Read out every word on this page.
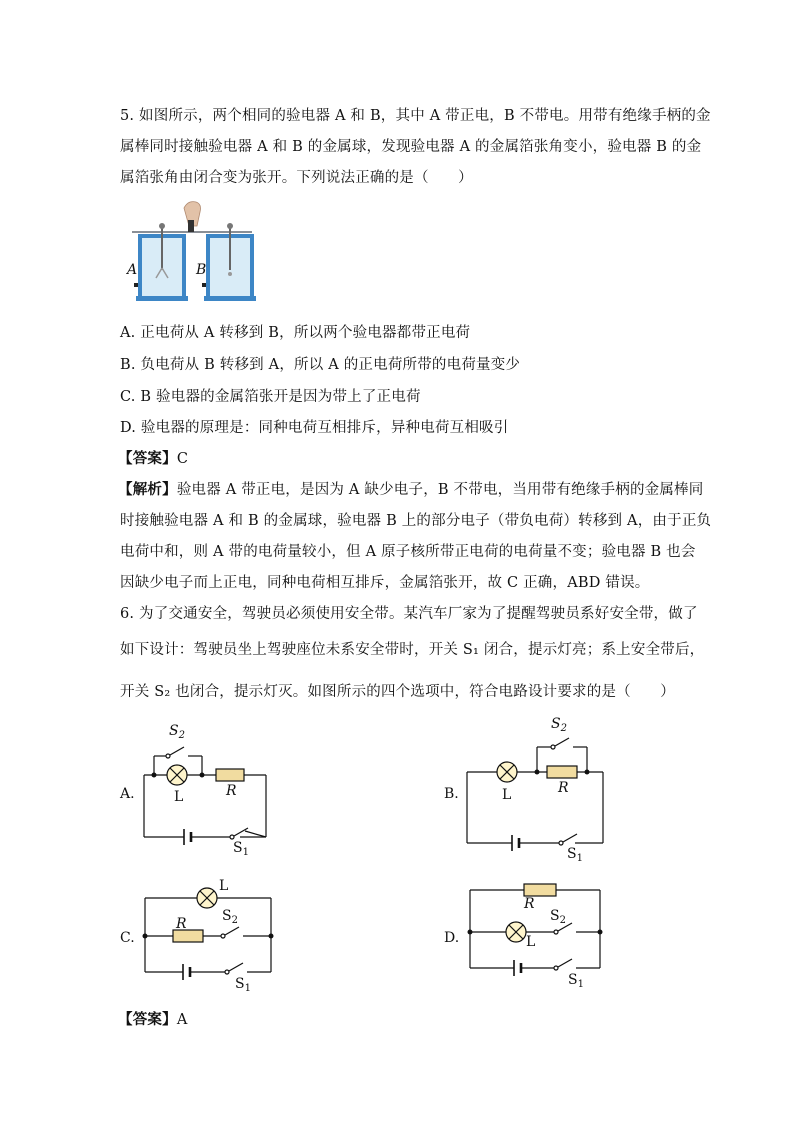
5. 如图所示，两个相同的验电器 A 和 B，其中 A 带正电，B 不带电。用带有绝缘手柄的金
属棒同时接触验电器 A 和 B 的金属球，发现验电器 A 的金属箔张角变小，验电器 B 的金
属箔张角由闭合变为张开。下列说法正确的是（　　）
A	B
A. 正电荷从 A 转移到 B，所以两个验电器都带正电荷
B. 负电荷从 B 转移到 A，所以 A 的正电荷所带的电荷量变少
C. B 验电器的金属箔张开是因为带上了正电荷
D. 验电器的原理是：同种电荷互相排斥，异种电荷互相吸引
【答案】C
【解析】验电器 A 带正电，是因为 A 缺少电子，B 不带电，当用带有绝缘手柄的金属棒同
时接触验电器 A 和 B 的金属球，验电器 B 上的部分电子（带负电荷）转移到 A，由于正负
电荷中和，则 A 带的电荷量较小，但 A 原子核所带正电荷的电荷量不变；验电器 B 也会
因缺少电子而上正电，同种电荷相互排斥，金属箔张开，故 C 正确，ABD 错误。
6. 为了交通安全，驾驶员必须使用安全带。某汽车厂家为了提醒驾驶员系好安全带，做了
如下设计：驾驶员坐上驾驶座位未系安全带时，开关 S₁ 闭合，提示灯亮；系上安全带后，
开关 S₂ 也闭合，提示灯灭。如图所示的四个选项中，符合电路设计要求的是（　　）
A.
$S_2$
L	R
$S_1$
B.
$S_2$
L	R
$S_1$
C.
L
R	$S_2$
$S_1$
D.
R
$S_2$
L
$S_1$
【答案】A
